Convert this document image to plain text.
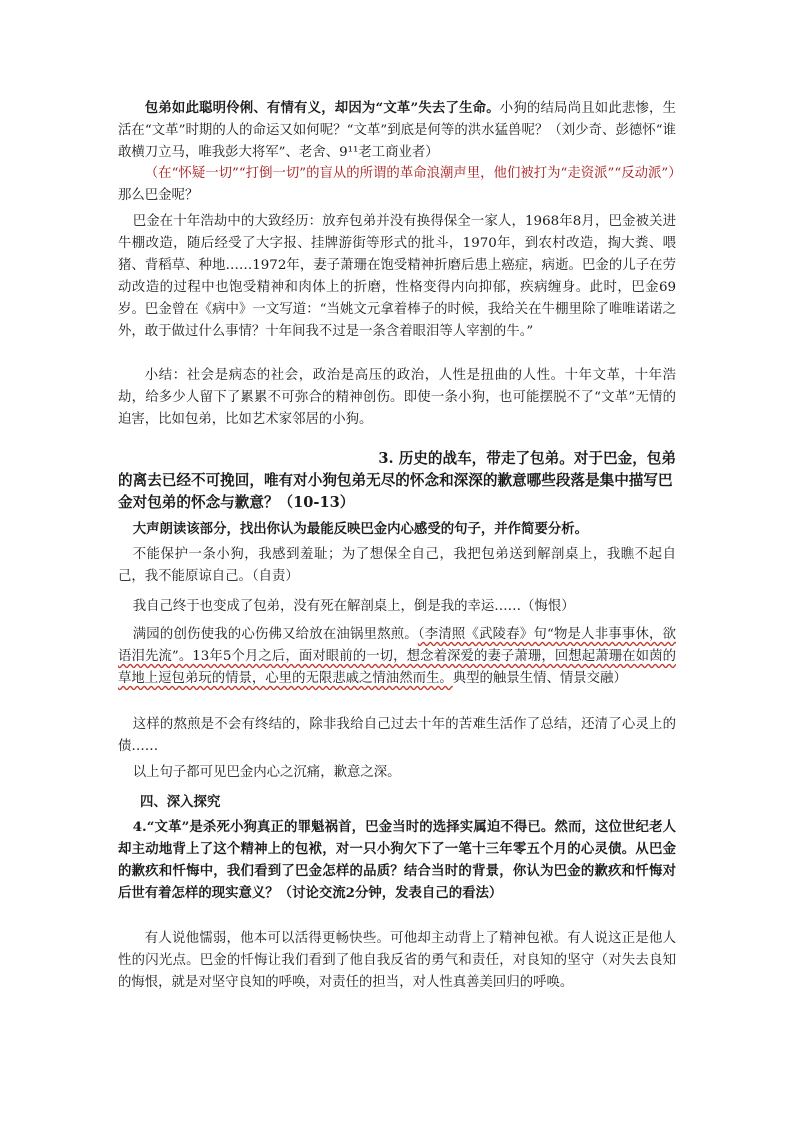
包弟如此聪明伶俐、有情有义，却因为“文革”失去了生命。小狗的结局尚且如此悲惨，生活在“文革”时期的人的命运又如何呢？“文革”到底是何等的洪水猛兽呢？（刘少奇、彭德怀“谁敢横刀立马，唯我彭大将军”、老舍、9¹¹老工商业者）
（在“怀疑一切”“打倒一切”的盲从的所谓的革命浪潮声里，他们被打为“走资派”“反动派”）那么巴金呢？
巴金在十年浩劫中的大致经历：放弃包弟并没有换得保全一家人，1968年8月，巴金被关进牛棚改造，随后经受了大字报、挂牌游街等形式的批斗，1970年，到农村改造，掏大粪、喂猪、背稻草、种地……1972年，妻子萧珊在饱受精神折磨后患上癌症，病逝。巴金的儿子在劳动改造的过程中也饱受精神和肉体上的折磨，性格变得内向抑郁，疾病缠身。此时，巴金69岁。巴金曾在《病中》一文写道：“当姚文元拿着棒子的时候，我给关在牛棚里除了唯唯诺诺之外，敢于做过什么事情？十年间我不过是一条含着眼泪等人宰割的牛。”
小结：社会是病态的社会，政治是高压的政治，人性是扭曲的人性。十年文革，十年浩劫，给多少人留下了累累不可弥合的精神创伤。即使一条小狗，也可能摆脱不了“文革”无情的迫害，比如包弟，比如艺术家邻居的小狗。
3. 历史的战车，带走了包弟。对于巴金，包弟
的离去已经不可挽回，唯有对小狗包弟无尽的怀念和深深的歉意哪些段落是集中描写巴金对包弟的怀念与歉意？（10-13）
大声朗读该部分，找出你认为最能反映巴金内心感受的句子，并作简要分析。
不能保护一条小狗，我感到羞耻；为了想保全自己，我把包弟送到解剖桌上，我瞧不起自己，我不能原谅自己。（自责）
我自己终于也变成了包弟，没有死在解剖桌上，倒是我的幸运……（悔恨）
满园的创伤使我的心伤佛又给放在油锅里熬煎。（李清照《武陵春》句“物是人非事事休，欲语泪先流”。13年5个月之后，面对眼前的一切，想念着深爱的妻子萧珊，回想起萧珊在如茵的草地上逗包弟玩的情景，心里的无限悲戚之情油然而生。典型的触景生情、情景交融）
这样的熬煎是不会有终结的，除非我给自己过去十年的苦难生活作了总结，还清了心灵上的债……
以上句子都可见巴金内心之沉痛，歉意之深。
四、深入探究
4.“文革”是杀死小狗真正的罪魁祸首，巴金当时的选择实属迫不得已。然而，这位世纪老人却主动地背上了这个精神上的包袱，对一只小狗欠下了一笔十三年零五个月的心灵债。从巴金的歉疚和忏悔中，我们看到了巴金怎样的品质？结合当时的背景，你认为巴金的歉疚和忏悔对后世有着怎样的现实意义？（讨论交流2分钟，发表自己的看法）
有人说他懦弱，他本可以活得更畅快些。可他却主动背上了精神包袱。有人说这正是他人性的闪光点。巴金的忏悔让我们看到了他自我反省的勇气和责任，对良知的坚守（对失去良知的悔恨，就是对坚守良知的呼唤，对责任的担当，对人性真善美回归的呼唤。
